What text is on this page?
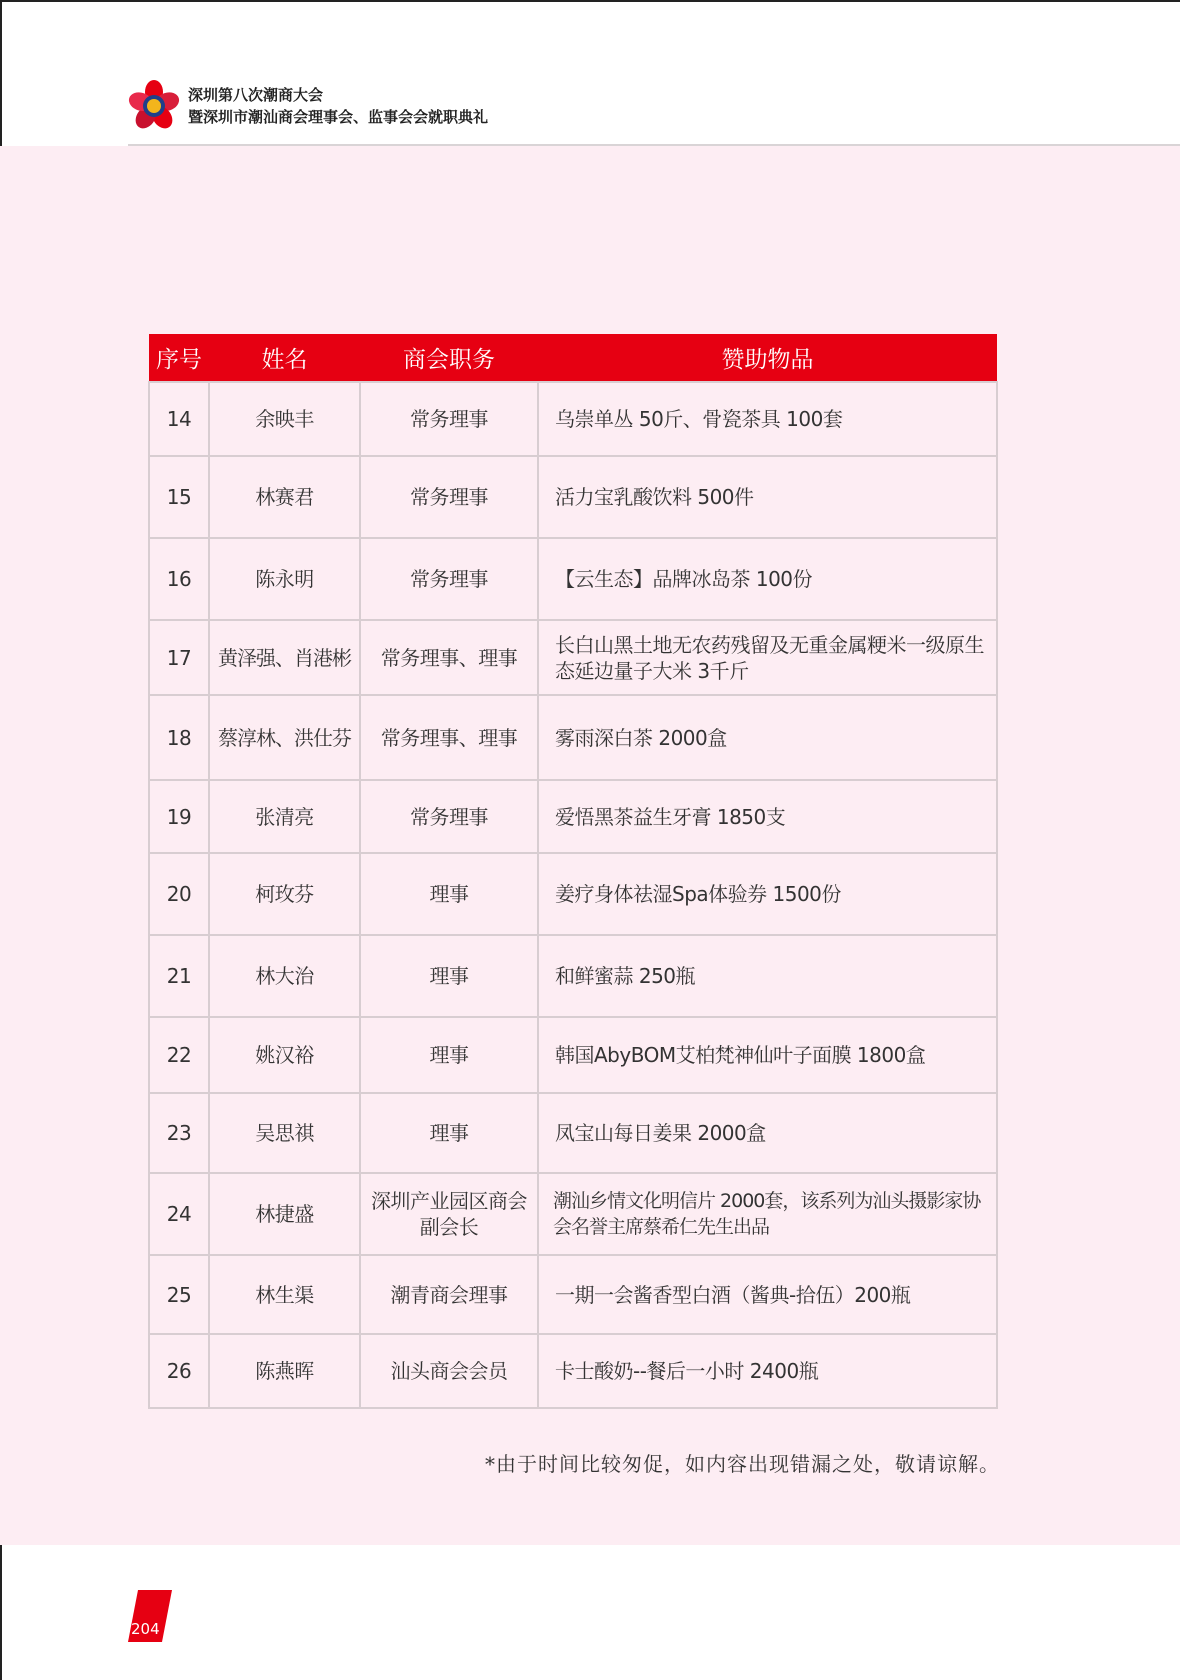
深圳第八次潮商大会
暨深圳市潮汕商会理事会、监事会会就职典礼
序号	姓名	商会职务	赞助物品
14	余映丰	常务理事	乌崇单丛 50斤、骨瓷茶具 100套
15	林赛君	常务理事	活力宝乳酸饮料 500件
16	陈永明	常务理事	【云生态】品牌冰岛茶 100份
17	黄泽强、肖港彬	常务理事、理事	长白山黑土地无农药残留及无重金属粳米一级原生态延边量子大米 3千斤
18	蔡淳林、洪仕芬	常务理事、理事	雾雨深白茶 2000盒
19	张清亮	常务理事	爱悟黑茶益生牙膏 1850支
20	柯玫芬	理事	姜疗身体祛湿Spa体验券 1500份
21	林大治	理事	和鲜蜜蒜 250瓶
22	姚汉裕	理事	韩国AbyBOM艾柏梵神仙叶子面膜 1800盒
23	吴思祺	理事	凤宝山每日姜果 2000盒
24	林捷盛	深圳产业园区商会副会长	潮汕乡情文化明信片 2000套，该系列为汕头摄影家协会名誉主席蔡希仁先生出品
25	林生渠	潮青商会理事	一期一会酱香型白酒（酱典-拾伍）200瓶
26	陈燕晖	汕头商会会员	卡士酸奶--餐后一小时 2400瓶
*由于时间比较匆促，如内容出现错漏之处，敬请谅解。
204
